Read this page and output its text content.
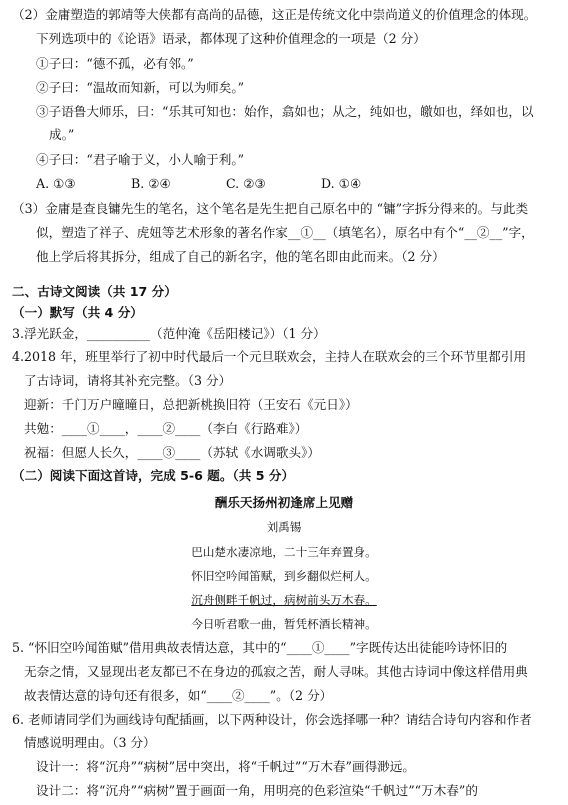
（2）金庸塑造的郭靖等大侠都有高尚的品德，这正是传统文化中崇尚道义的价值理念的体现。
下列选项中的《论语》语录，都体现了这种价值理念的一项是（2 分）
①子曰：“德不孤，必有邻。”
②子曰：“温故而知新，可以为师矣。”
③子语鲁大师乐，曰：“乐其可知也：始作，翕如也；从之，纯如也，皦如也，绎如也，以
成。”
④子曰：“君子喻于义，小人喻于利。”
A. ①③	B. ②④	C. ②③	D. ①④
（3）金庸是查良镛先生的笔名，这个笔名是先生把自己原名中的 “镛”字拆分得来的。与此类
似，塑造了祥子、虎妞等艺术形象的著名作家__①__（填笔名），原名中有个“__②__”字，
他上学后将其拆分，组成了自己的新名字，他的笔名即由此而来。（2 分）
二、古诗文阅读（共 17 分）
（一）默写（共 4 分）
3.浮光跃金，__________（范仲淹《岳阳楼记》）（1 分）
4.2018 年，班里举行了初中时代最后一个元旦联欢会，主持人在联欢会的三个环节里都引用
了古诗词，请将其补充完整。（3 分）
迎新：千门万户曈曈日，总把新桃换旧符（王安石《元日》）
共勉：____①____，____②____（李白《行路难》）
祝福：但愿人长久，____③____（苏轼《水调歌头》）
（二）阅读下面这首诗，完成 5-6 题。（共 5 分）
酬乐天扬州初逢席上见赠
刘禹锡
巴山楚水凄凉地，二十三年弃置身。
怀旧空吟闻笛赋，到乡翻似烂柯人。
沉舟侧畔千帆过，病树前头万木春。
今日听君歌一曲，暂凭杯酒长精神。
5. “怀旧空吟闻笛赋”借用典故表情达意，其中的“____①____”字既传达出徒能吟诗怀旧的
无奈之情，又显现出老友都已不在身边的孤寂之苦，耐人寻味。其他古诗词中像这样借用典
故表情达意的诗句还有很多，如“____②____”。（2 分）
6. 老师请同学们为画线诗句配插画，以下两种设计，你会选择哪一种？请结合诗句内容和作者
情感说明理由。（3 分）
设计一：将“沉舟”“病树”居中突出，将“千帆过”“万木春”画得渺远。
设计二：将“沉舟”“病树”置于画面一角，用明亮的色彩渲染“千帆过”“万木春”的
